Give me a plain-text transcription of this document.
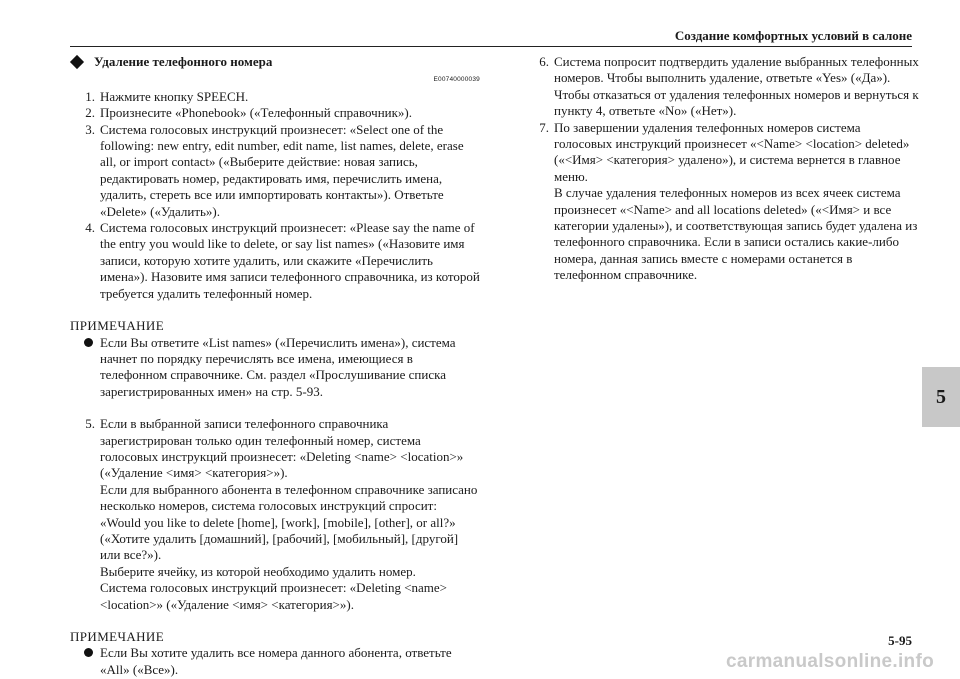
Создание комфортных условий в салоне
Удаление телефонного номера
E00740000039
1. Нажмите кнопку SPEECH.
2. Произнесите «Phonebook» («Телефонный справочник»).
3. Система голосовых инструкций произнесет: «Select one of the following: new entry, edit number, edit name, list names, delete, erase all, or import contact» («Выберите действие: новая запись, редактировать номер, редактировать имя, перечислить имена, удалить, стереть все или импортировать контакты»). Ответьте «Delete» («Удалить»).
4. Система голосовых инструкций произнесет: «Please say the name of the entry you would like to delete, or say list names» («Назовите имя записи, которую хотите удалить, или скажите «Перечислить имена»). Назовите имя записи телефонного справочника, из которой требуется удалить телефонный номер.
ПРИМЕЧАНИЕ
Если Вы ответите «List names» («Перечислить имена»), система начнет по порядку перечислять все имена, имеющиеся в телефонном справочнике. См. раздел «Прослушивание списка зарегистрированных имен» на стр. 5-93.
5. Если в выбранной записи телефонного справочника зарегистрирован только один телефонный номер, система голосовых инструкций произнесет: «Deleting <name> <location>» («Удаление <имя> <категория>»).
Если для выбранного абонента в телефонном справочнике записано несколько номеров, система голосовых инструкций спросит: «Would you like to delete [home], [work], [mobile], [other], or all?» («Хотите удалить [домашний], [рабочий], [мобильный], [другой] или все?»).
Выберите ячейку, из которой необходимо удалить номер.
Система голосовых инструкций произнесет: «Deleting <name> <location>» («Удаление <имя> <категория>»).
ПРИМЕЧАНИЕ
Если Вы хотите удалить все номера данного абонента, ответьте «All» («Все»).
6. Система попросит подтвердить удаление выбранных телефонных номеров. Чтобы выполнить удаление, ответьте «Yes» («Да»). Чтобы отказаться от удаления телефонных номеров и вернуться к пункту 4, ответьте «No» («Нет»).
7. По завершении удаления телефонных номеров система голосовых инструкций произнесет «<Name> <location> deleted» («<Имя> <категория> удалено»), и система вернется в главное меню.
В случае удаления телефонных номеров из всех ячеек система произнесет «<Name> and all locations deleted» («<Имя> и все категории удалены»), и соответствующая запись будет удалена из телефонного справочника. Если в записи остались какие-либо номера, данная запись вместе с номерами останется в телефонном справочнике.
5
5-95
carmanualsonline.info
